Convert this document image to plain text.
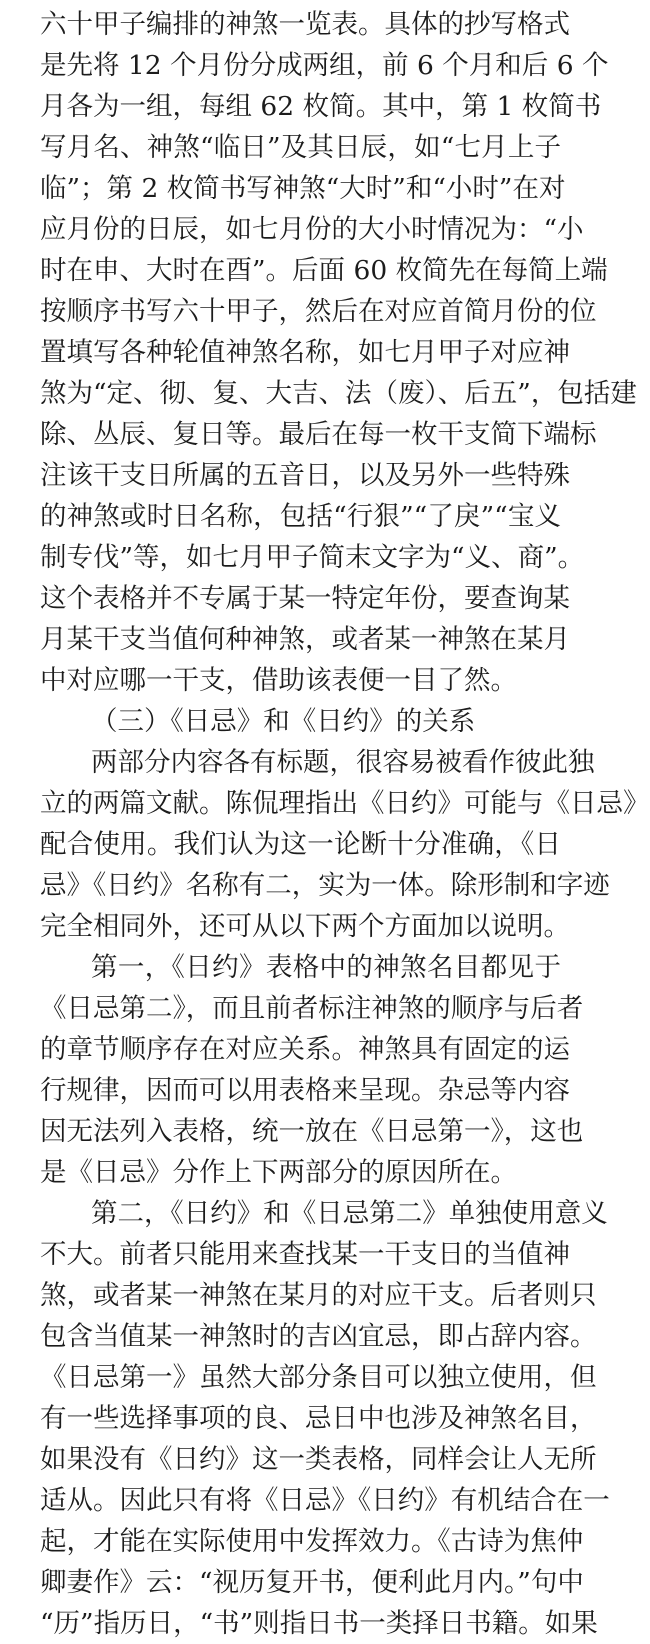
六十甲子编排的神煞一览表。具体的抄写格式
是先将 12 个月份分成两组，前 6 个月和后 6 个
月各为一组，每组 62 枚简。其中，第 1 枚简书
写月名、神煞“临日”及其日辰，如“七月上子
临”；第 2 枚简书写神煞“大时”和“小时”在对
应月份的日辰，如七月份的大小时情况为：“小
时在申、大时在酉”。后面 60 枚简先在每简上端
按顺序书写六十甲子，然后在对应首简月份的位
置填写各种轮值神煞名称，如七月甲子对应神
煞为“定、彻、复、大吉、法（废）、后五”，包括建
除、丛辰、复日等。最后在每一枚干支简下端标
注该干支日所属的五音日，以及另外一些特殊
的神煞或时日名称，包括“行狠”“了戾”“宝义
制专伐”等，如七月甲子简末文字为“义、商”。
这个表格并不专属于某一特定年份，要查询某
月某干支当值何种神煞，或者某一神煞在某月
中对应哪一干支，借助该表便一目了然。
（三）《日忌》和《日约》的关系
两部分内容各有标题，很容易被看作彼此独
立的两篇文献。陈侃理指出《日约》可能与《日忌》
配合使用。我们认为这一论断十分准确，《日
忌》《日约》名称有二，实为一体。除形制和字迹
完全相同外，还可从以下两个方面加以说明。
第一，《日约》表格中的神煞名目都见于
《日忌第二》，而且前者标注神煞的顺序与后者
的章节顺序存在对应关系。神煞具有固定的运
行规律，因而可以用表格来呈现。杂忌等内容
因无法列入表格，统一放在《日忌第一》，这也
是《日忌》分作上下两部分的原因所在。
第二，《日约》和《日忌第二》单独使用意义
不大。前者只能用来查找某一干支日的当值神
煞，或者某一神煞在某月的对应干支。后者则只
包含当值某一神煞时的吉凶宜忌，即占辞内容。
《日忌第一》虽然大部分条目可以独立使用，但
有一些选择事项的良、忌日中也涉及神煞名目，
如果没有《日约》这一类表格，同样会让人无所
适从。因此只有将《日忌》《日约》有机结合在一
起，才能在实际使用中发挥效力。《古诗为焦仲
卿妻作》云：“视历复开书，便利此月内。”句中
“历”指历日，“书”则指日书一类择日书籍。如果
